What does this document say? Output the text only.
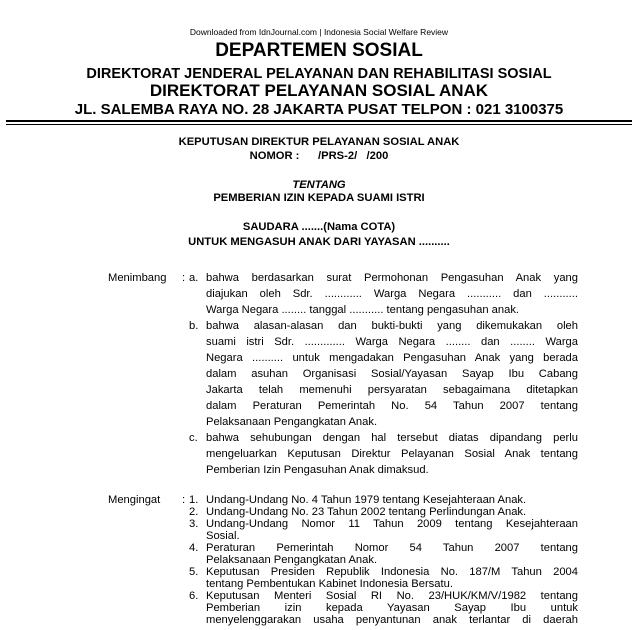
Downloaded from IdnJournal.com | Indonesia Social Welfare Review
DEPARTEMEN SOSIAL
DIREKTORAT JENDERAL PELAYANAN DAN REHABILITASI SOSIAL
DIREKTORAT PELAYANAN SOSIAL ANAK
JL. SALEMBA RAYA NO. 28 JAKARTA PUSAT TELPON : 021 3100375
KEPUTUSAN DIREKTUR PELAYANAN SOSIAL ANAK
NOMOR :      /PRS-2/   /200
TENTANG
PEMBERIAN IZIN KEPADA SUAMI ISTRI
SAUDARA .......(Nama COTA)
UNTUK MENGASUH ANAK DARI YAYASAN ..........
Menimbang : a. bahwa berdasarkan surat Permohonan Pengasuhan Anak yang
diajukan oleh Sdr. ............ Warga Negara ........... dan ...........
Warga Negara ........ tanggal ........... tentang pengasuhan anak.
b. bahwa alasan-alasan dan bukti-bukti yang dikemukakan oleh
suami istri Sdr. ............. Warga Negara ........ dan ........ Warga
Negara .......... untuk mengadakan Pengasuhan Anak yang berada
dalam asuhan Organisasi Sosial/Yayasan Sayap Ibu Cabang
Jakarta telah memenuhi persyaratan sebagaimana ditetapkan
dalam Peraturan Pemerintah No. 54 Tahun 2007 tentang
Pelaksanaan Pengangkatan Anak.
c. bahwa sehubungan dengan hal tersebut diatas dipandang perlu
mengeluarkan Keputusan Direktur Pelayanan Sosial Anak tentang
Pemberian Izin Pengasuhan Anak dimaksud.
Mengingat : 1. Undang-Undang No. 4 Tahun 1979 tentang Kesejahteraan Anak.
2. Undang-Undang No. 23 Tahun 2002 tentang Perlindungan Anak.
3. Undang-Undang Nomor 11 Tahun 2009 tentang Kesejahteraan
Sosial.
4. Peraturan Pemerintah Nomor 54 Tahun 2007 tentang
Pelaksanaan Pengangkatan Anak.
5. Keputusan Presiden Republik Indonesia No. 187/M Tahun 2004
tentang Pembentukan Kabinet Indonesia Bersatu.
6. Keputusan Menteri Sosial RI No. 23/HUK/KM/V/1982 tentang
Pemberian izin kepada Yayasan Sayap Ibu untuk
menyelenggarakan usaha penyantunan anak terlantar di daerah
